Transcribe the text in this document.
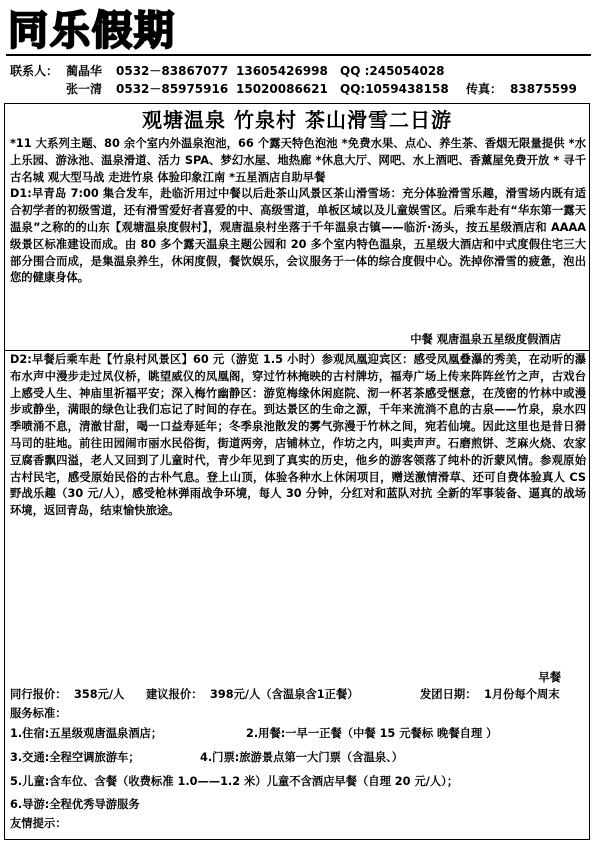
同乐假期
联系人： 蔺晶华 0532－83867077 13605426998 QQ :245054028
张一清 0532－85975916 15020086621 QQ:1059438158 传真： 83875599
观塘温泉 竹泉村 茶山滑雪二日游
*11 大系列主题、80 余个室内外温泉泡池，66 个露天特色泡池 *免费水果、点心、养生茶、香烟无限量提供 *水上乐园、游泳池、温泉滑道、活力 SPA、梦幻水屋、地热廊 *休息大厅、网吧、水上酒吧、香薰屋免费开放 * 寻千古名城 观大型马战 走进竹泉 体验印象江南 *五星酒店自助早餐
D1:早青岛 7:00 集合发车，赴临沂用过中餐以后赴茶山风景区茶山滑雪场：充分体验滑雪乐趣，滑雪场内既有适合初学者的初级雪道，还有滑雪爱好者喜爱的中、高级雪道，单板区域以及儿童娱雪区。后乘车赴有“华东第一露天温泉”之称的的山东【观塘温泉度假村】，观唐温泉村坐落于千年温泉古镇——临沂·汤头，按五星级酒店和 AAAA 级景区标准建设而成。由 80 多个露天温泉主题公园和 20 多个室内特色温泉，五星级大酒店和中式度假住宅三大部分围合而成，是集温泉养生，休闲度假，餐饮娱乐，会议服务于一体的综合度假中心。洗掉你滑雪的疲惫，泡出您的健康身体。
中餐 观唐温泉五星级度假酒店
D2:早餐后乘车赴【竹泉村风景区】60 元（游览 1.5 小时）参观凤凰迎宾区：感受凤凰叠瀑的秀美，在动听的瀑布水声中漫步走过凤仪桥，眺望威仪的凤凰阁，穿过竹林掩映的古村牌坊，福寿广场上传来阵阵丝竹之声，古戏台上感受人生、神庙里祈福平安；深入梅竹幽静区：游览梅缘休闲庭院、沏一杯茗茶感受惬意，在茂密的竹林中或漫步或静坐，满眼的绿色让我们忘记了时间的存在。到达景区的生命之源，千年来流淌不息的古泉——竹泉，泉水四季喷涌不息，清澈甘甜，喝一口益寿延年；冬季泉池散发的雾气弥漫于竹林之间，宛若仙境。因此这里也是昔日猾马司的驻地。前往田园闹市丽水民俗街，街道两旁，店铺林立，作坊之内，叫卖声声。石磨煎饼、芝麻火烧、农家豆腐香飘四溢，老人又回到了儿童时代，青少年见到了真实的历史，他乡的游客领落了纯朴的沂蒙风情。参观原始古村民宅，感受原始民俗的古朴气息。登上山顶，体验各种水上休闲项目，赠送激情滑草、还可自费体验真人 CS 野战乐趣（30 元/人），感受枪林弹雨战争环境，每人 30 分钟，分红对和蓝队对抗 全新的军事装备、逼真的战场环境，返回青岛，结束愉快旅途。
早餐
同行报价： 358元/人 建议报价： 398元/人（含温泉含1正餐）	发团日期： 1月份每个周末
服务标准：
1.住宿:五星级观唐温泉酒店；	2.用餐:一早一正餐（中餐 15 元餐标 晚餐自理 ）
3.交通:全程空调旅游车；	4.门票:旅游景点第一大门票（含温泉、）
5.儿童:含车位、含餐（收费标准 1.0——1.2 米）儿童不含酒店早餐（自理 20 元/人）；
6.导游:全程优秀导游服务
友情提示：
